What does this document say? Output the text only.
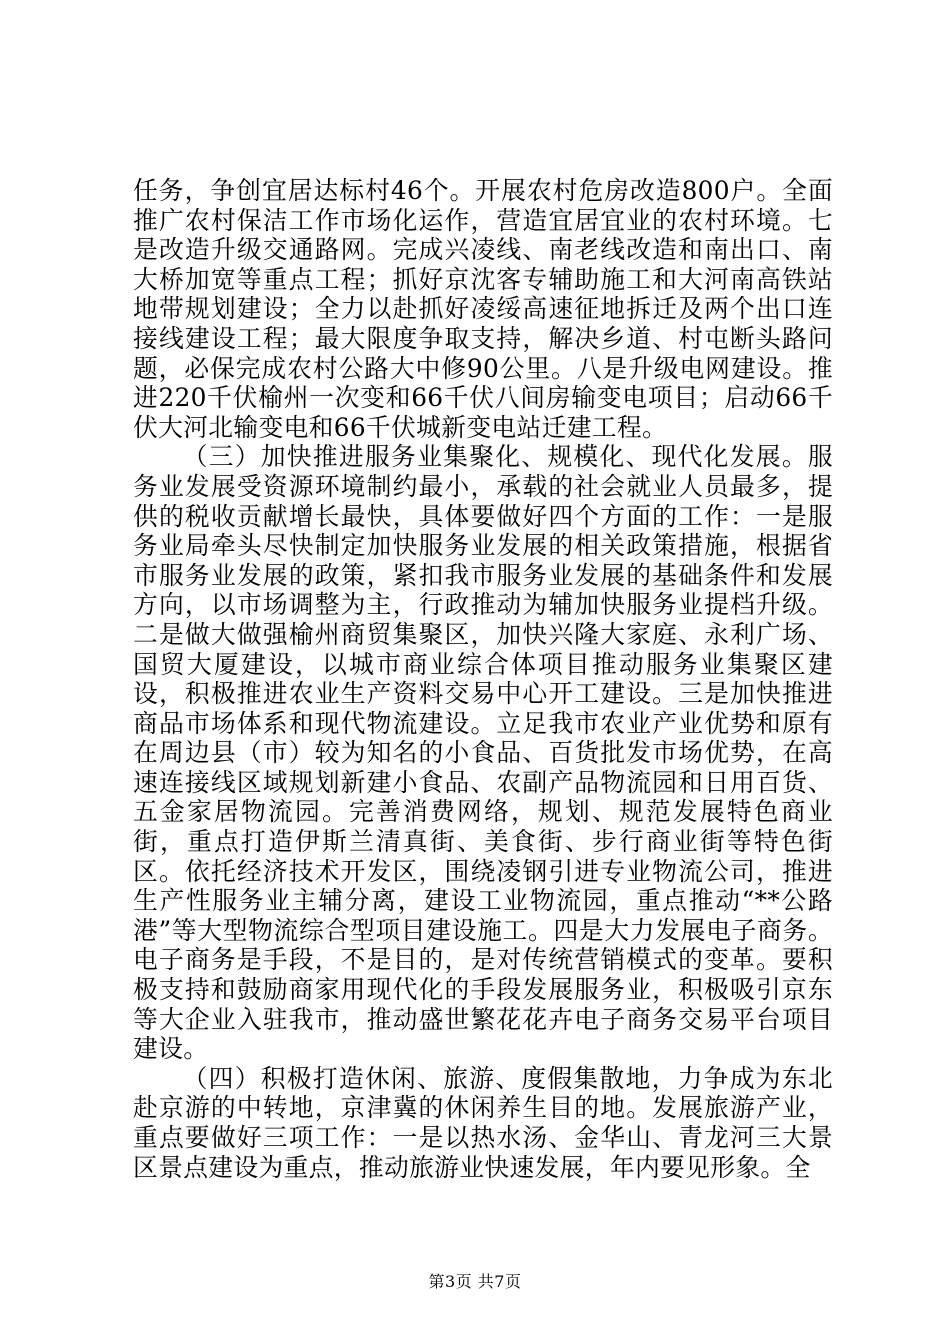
任务，争创宜居达标村46个。开展农村危房改造800户。全面推广农村保洁工作市场化运作，营造宜居宜业的农村环境。七是改造升级交通路网。完成兴凌线、南老线改造和南出口、南大桥加宽等重点工程；抓好京沈客专辅助施工和大河南高铁站地带规划建设；全力以赴抓好凌绥高速征地拆迁及两个出口连接线建设工程；最大限度争取支持，解决乡道、村屯断头路问题，必保完成农村公路大中修90公里。八是升级电网建设。推进220千伏榆州一次变和66千伏八间房输变电项目；启动66千伏大河北输变电和66千伏城新变电站迁建工程。

（三）加快推进服务业集聚化、规模化、现代化发展。服务业发展受资源环境制约最小，承载的社会就业人员最多，提供的税收贡献增长最快，具体要做好四个方面的工作：一是服务业局牵头尽快制定加快服务业发展的相关政策措施，根据省市服务业发展的政策，紧扣我市服务业发展的基础条件和发展方向，以市场调整为主，行政推动为辅加快服务业提档升级。二是做大做强榆州商贸集聚区，加快兴隆大家庭、永利广场、国贸大厦建设，以城市商业综合体项目推动服务业集聚区建设，积极推进农业生产资料交易中心开工建设。三是加快推进商品市场体系和现代物流建设。立足我市农业产业优势和原有在周边县（市）较为知名的小食品、百货批发市场优势，在高速连接线区域规划新建小食品、农副产品物流园和日用百货、五金家居物流园。完善消费网络，规划、规范发展特色商业街，重点打造伊斯兰清真街、美食街、步行商业街等特色街区。依托经济技术开发区，围绕凌钢引进专业物流公司，推进生产性服务业主辅分离，建设工业物流园，重点推动“**公路港”等大型物流综合型项目建设施工。四是大力发展电子商务。电子商务是手段，不是目的，是对传统营销模式的变革。要积极支持和鼓励商家用现代化的手段发展服务业，积极吸引京东等大企业入驻我市，推动盛世繁花花卉电子商务交易平台项目建设。

（四）积极打造休闲、旅游、度假集散地，力争成为东北赴京游的中转地，京津冀的休闲养生目的地。发展旅游产业，重点要做好三项工作：一是以热水汤、金华山、青龙河三大景区景点建设为重点，推动旅游业快速发展，年内要见形象。全

第3页 共7页
